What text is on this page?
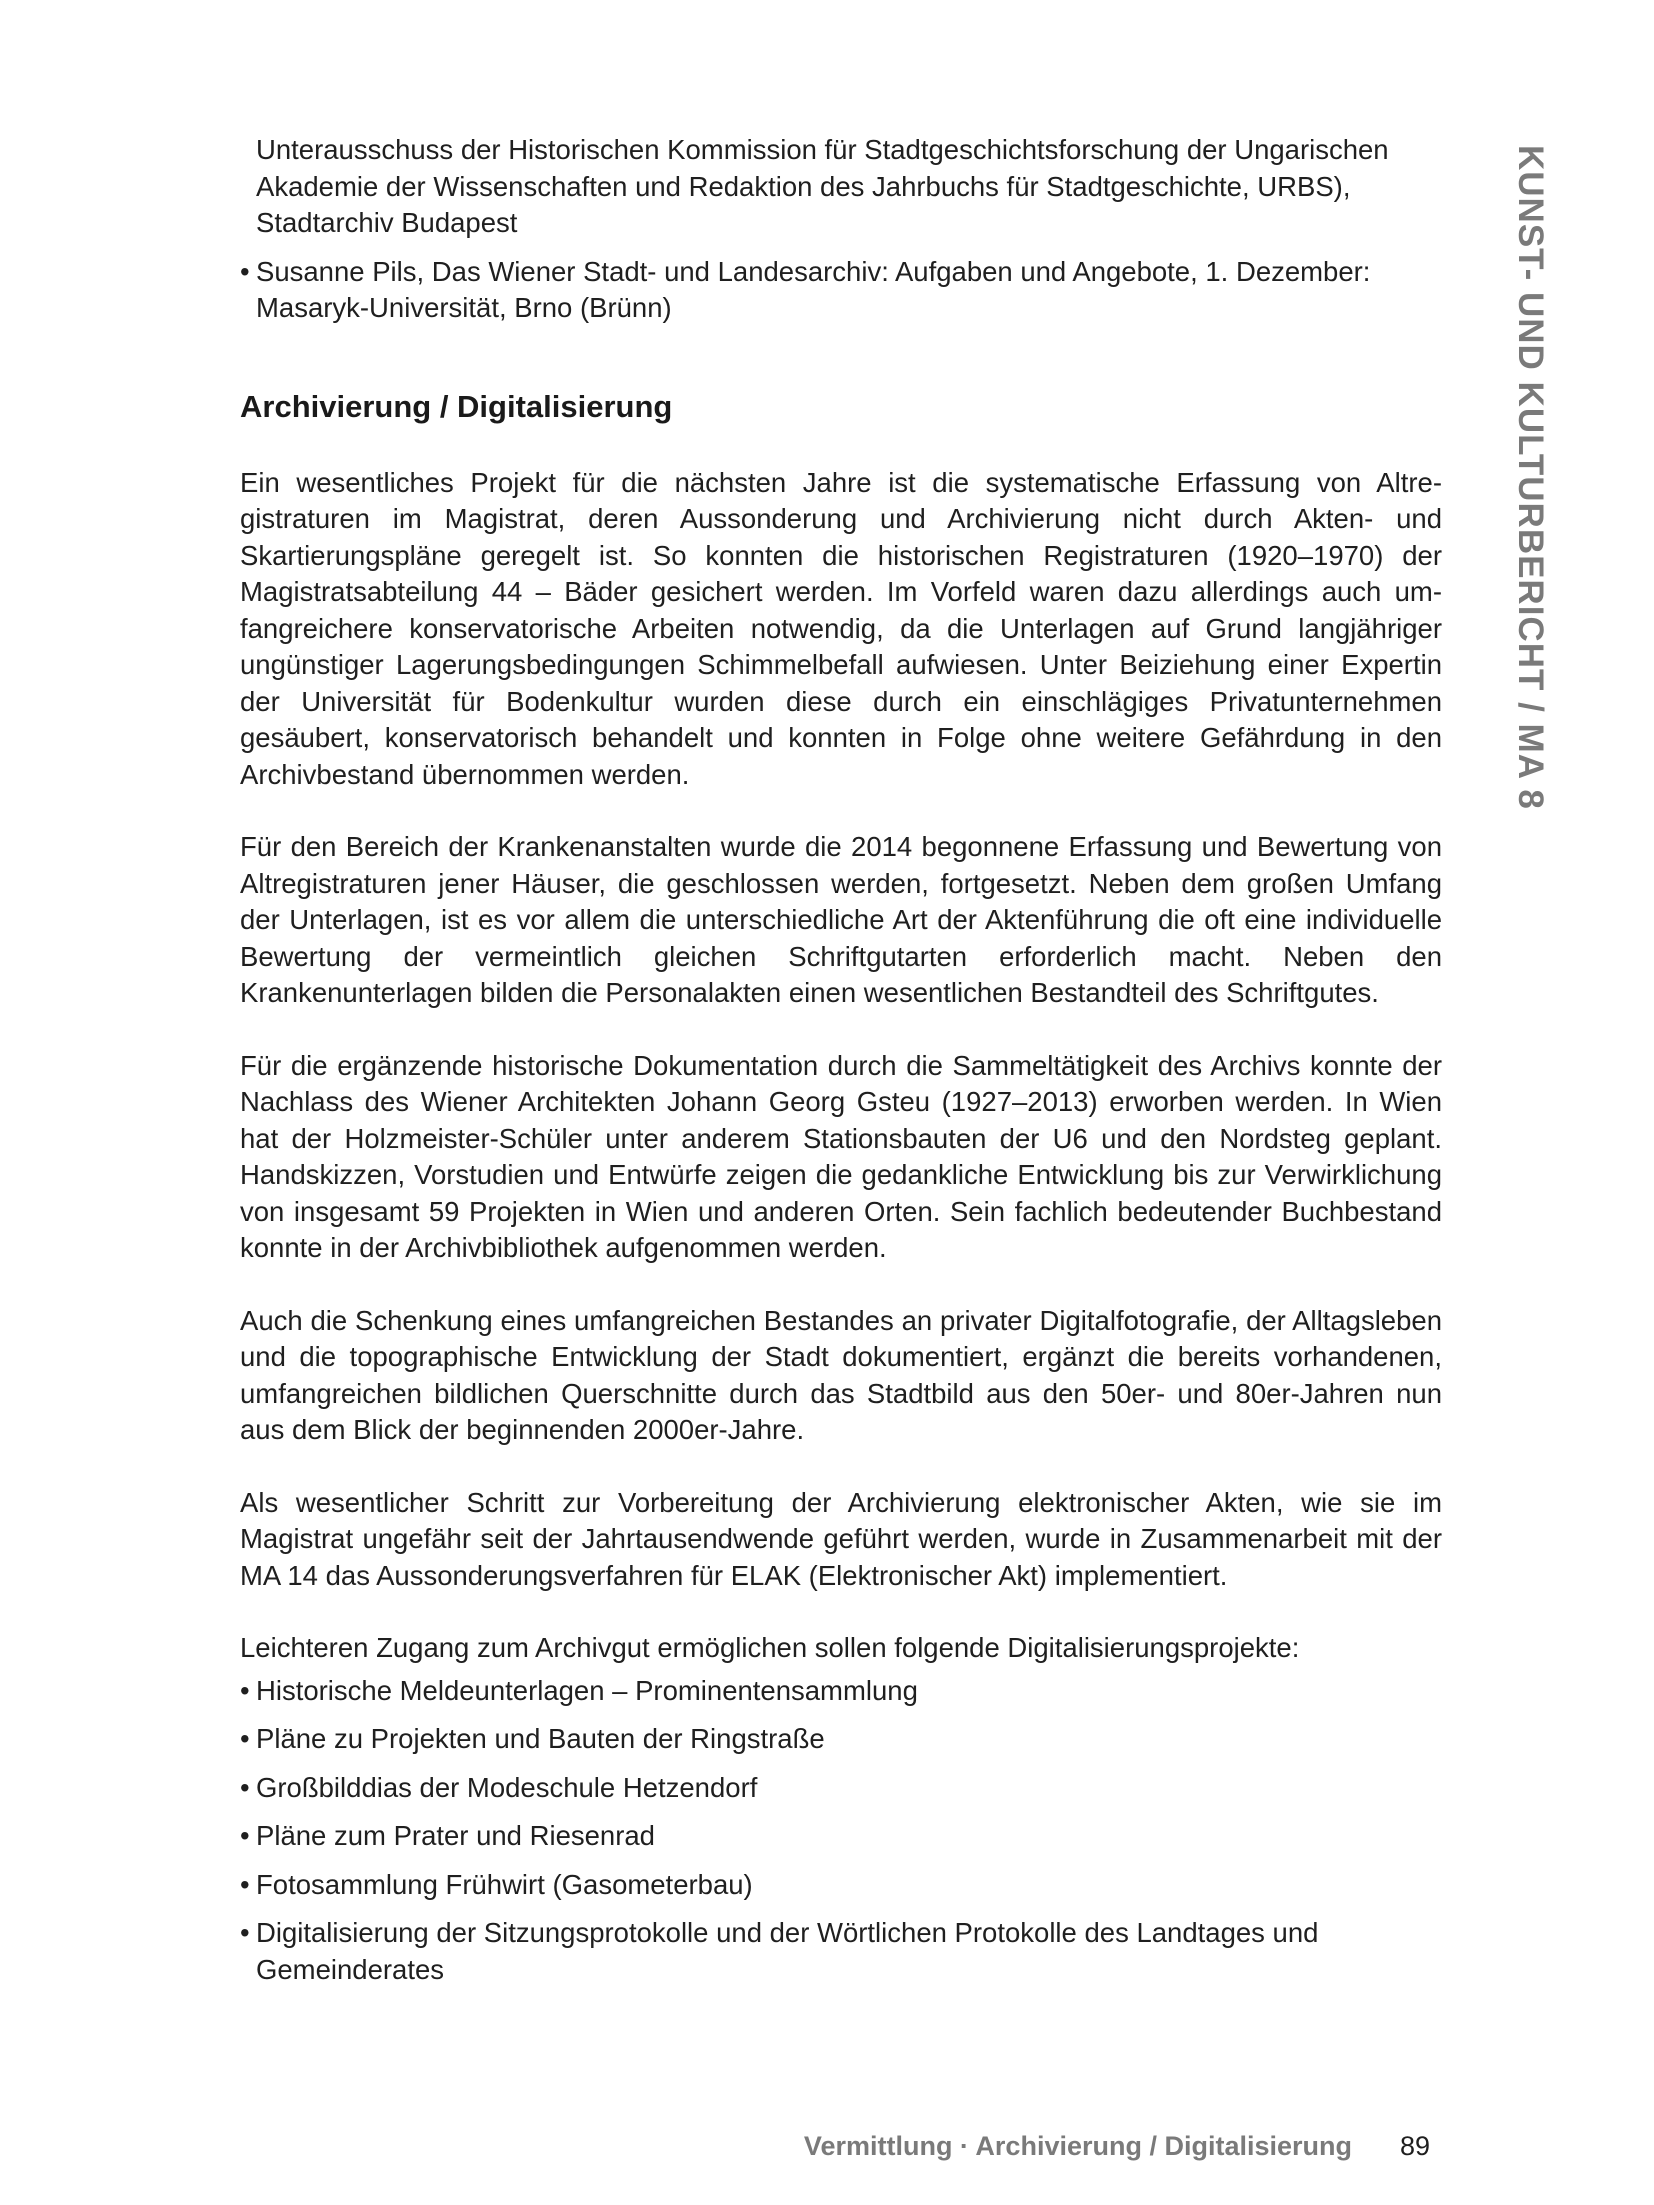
KUNST- UND KULTURBERICHT / MA 8
Unterausschuss der Historischen Kommission für Stadtgeschichtsforschung der Ungarischen Akademie der Wissenschaften und Redaktion des Jahrbuchs für Stadtgeschichte, URBS), Stadtarchiv Budapest
• Susanne Pils, Das Wiener Stadt- und Landesarchiv: Aufgaben und Angebote, 1. Dezember: Masaryk-Universität, Brno (Brünn)
Archivierung / Digitalisierung

Ein wesentliches Projekt für die nächsten Jahre ist die systematische Erfassung von Altregistraturen im Magistrat, deren Aussonderung und Archivierung nicht durch Akten- und Skartierungspläne geregelt ist. So konnten die historischen Registraturen (1920–1970) der Magistratsabteilung 44 – Bäder gesichert werden. Im Vorfeld waren dazu allerdings auch umfangreichere konservatorische Arbeiten notwendig, da die Unterlagen auf Grund langjähriger ungünstiger Lagerungsbedingungen Schimmelbefall aufwiesen. Unter Beiziehung einer Expertin der Universität für Bodenkultur wurden diese durch ein einschlägiges Privatunternehmen gesäubert, konservatorisch behandelt und konnten in Folge ohne weitere Gefährdung in den Archivbestand übernommen werden.

Für den Bereich der Krankenanstalten wurde die 2014 begonnene Erfassung und Bewertung von Altregistraturen jener Häuser, die geschlossen werden, fortgesetzt. Neben dem großen Umfang der Unterlagen, ist es vor allem die unterschiedliche Art der Aktenführung die oft eine individuelle Bewertung der vermeintlich gleichen Schriftgutarten erforderlich macht. Neben den Krankenunterlagen bilden die Personalakten einen wesentlichen Bestandteil des Schriftgutes.

Für die ergänzende historische Dokumentation durch die Sammeltätigkeit des Archivs konnte der Nachlass des Wiener Architekten Johann Georg Gsteu (1927–2013) erworben werden. In Wien hat der Holzmeister-Schüler unter anderem Stationsbauten der U6 und den Nordsteg geplant. Handskizzen, Vorstudien und Entwürfe zeigen die gedankliche Entwicklung bis zur Verwirklichung von insgesamt 59 Projekten in Wien und anderen Orten. Sein fachlich bedeutender Buchbestand konnte in der Archivbibliothek aufgenommen werden.

Auch die Schenkung eines umfangreichen Bestandes an privater Digitalfotografie, der Alltagsleben und die topographische Entwicklung der Stadt dokumentiert, ergänzt die bereits vorhandenen, umfangreichen bildlichen Querschnitte durch das Stadtbild aus den 50er- und 80er-Jahren nun aus dem Blick der beginnenden 2000er-Jahre.

Als wesentlicher Schritt zur Vorbereitung der Archivierung elektronischer Akten, wie sie im Magistrat ungefähr seit der Jahrtausendwende geführt werden, wurde in Zusammenarbeit mit der MA 14 das Aussonderungsverfahren für ELAK (Elektronischer Akt) implementiert.

Leichteren Zugang zum Archivgut ermöglichen sollen folgende Digitalisierungsprojekte:

• Historische Meldeunterlagen – Prominentensammlung
• Pläne zu Projekten und Bauten der Ringstraße
• Großbilddias der Modeschule Hetzendorf
• Pläne zum Prater und Riesenrad
• Fotosammlung Frühwirt (Gasometerbau)
• Digitalisierung der Sitzungsprotokolle und der Wörtlichen Protokolle des Landtages und Gemeinderates
Vermittlung · Archivierung / Digitalisierung 89
